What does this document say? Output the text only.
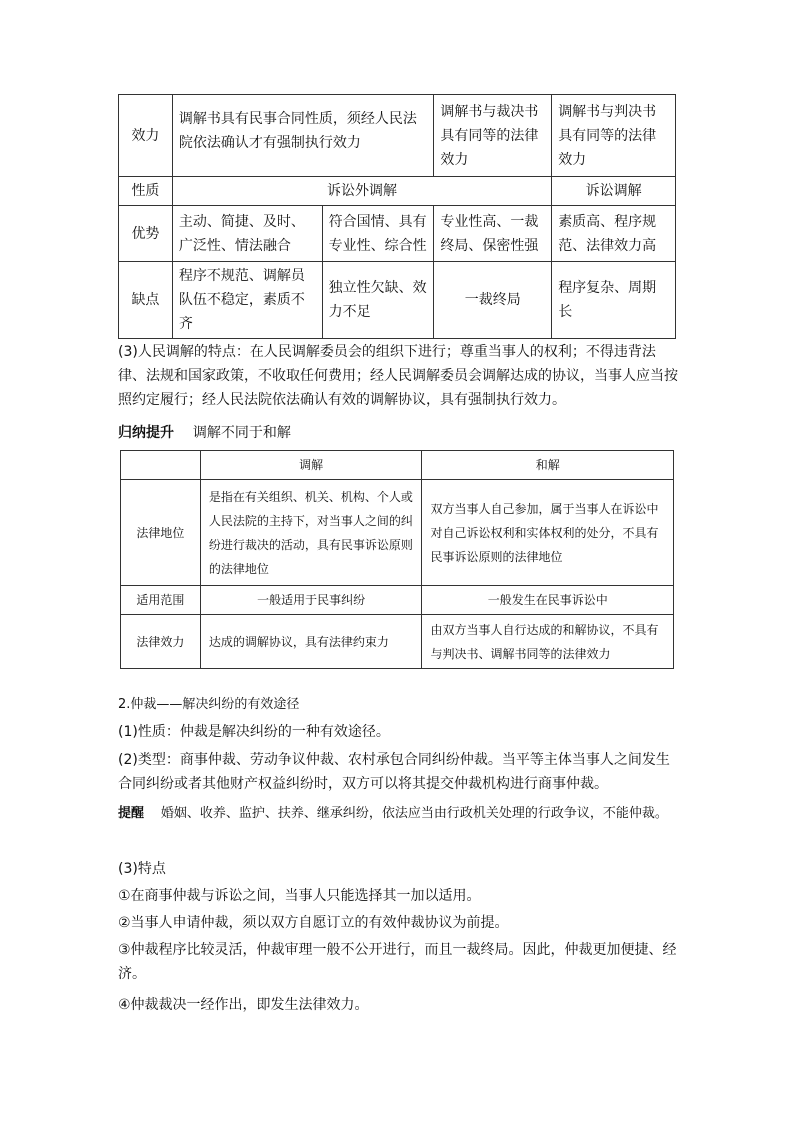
效力	调解书具有民事合同性质，须经人民法院依法确认才有强制执行效力		调解书与裁决书具有同等的法律效力	调解书与判决书具有同等的法律效力
性质	诉讼外调解			诉讼调解
优势	主动、简捷、及时、广泛性、情法融合	符合国情、具有专业性、综合性	专业性高、一裁终局、保密性强	素质高、程序规范、法律效力高
缺点	程序不规范、调解员队伍不稳定，素质不齐	独立性欠缺、效力不足	一裁终局	程序复杂、周期长

(3)人民调解的特点：在人民调解委员会的组织下进行；尊重当事人的权利；不得违背法律、法规和国家政策，不收取任何费用；经人民调解委员会调解达成的协议，当事人应当按照约定履行；经人民法院依法确认有效的调解协议，具有强制执行效力。

归纳提升 调解不同于和解
	调解	和解
法律地位	是指在有关组织、机关、机构、个人或人民法院的主持下，对当事人之间的纠纷进行裁决的活动，具有民事诉讼原则的法律地位	双方当事人自己参加，属于当事人在诉讼中对自己诉讼权利和实体权利的处分，不具有民事诉讼原则的法律地位
适用范围	一般适用于民事纠纷	一般发生在民事诉讼中
法律效力	达成的调解协议，具有法律约束力	由双方当事人自行达成的和解协议，不具有与判决书、调解书同等的法律效力

2.仲裁——解决纠纷的有效途径

(1)性质：仲裁是解决纠纷的一种有效途径。

(2)类型：商事仲裁、劳动争议仲裁、农村承包合同纠纷仲裁。当平等主体当事人之间发生合同纠纷或者其他财产权益纠纷时，双方可以将其提交仲裁机构进行商事仲裁。

提醒 婚姻、收养、监护、扶养、继承纠纷，依法应当由行政机关处理的行政争议，不能仲裁。

(3)特点

①在商事仲裁与诉讼之间，当事人只能选择其一加以适用。

②当事人申请仲裁，须以双方自愿订立的有效仲裁协议为前提。

③仲裁程序比较灵活，仲裁审理一般不公开进行，而且一裁终局。因此，仲裁更加便捷、经济。

④仲裁裁决一经作出，即发生法律效力。
